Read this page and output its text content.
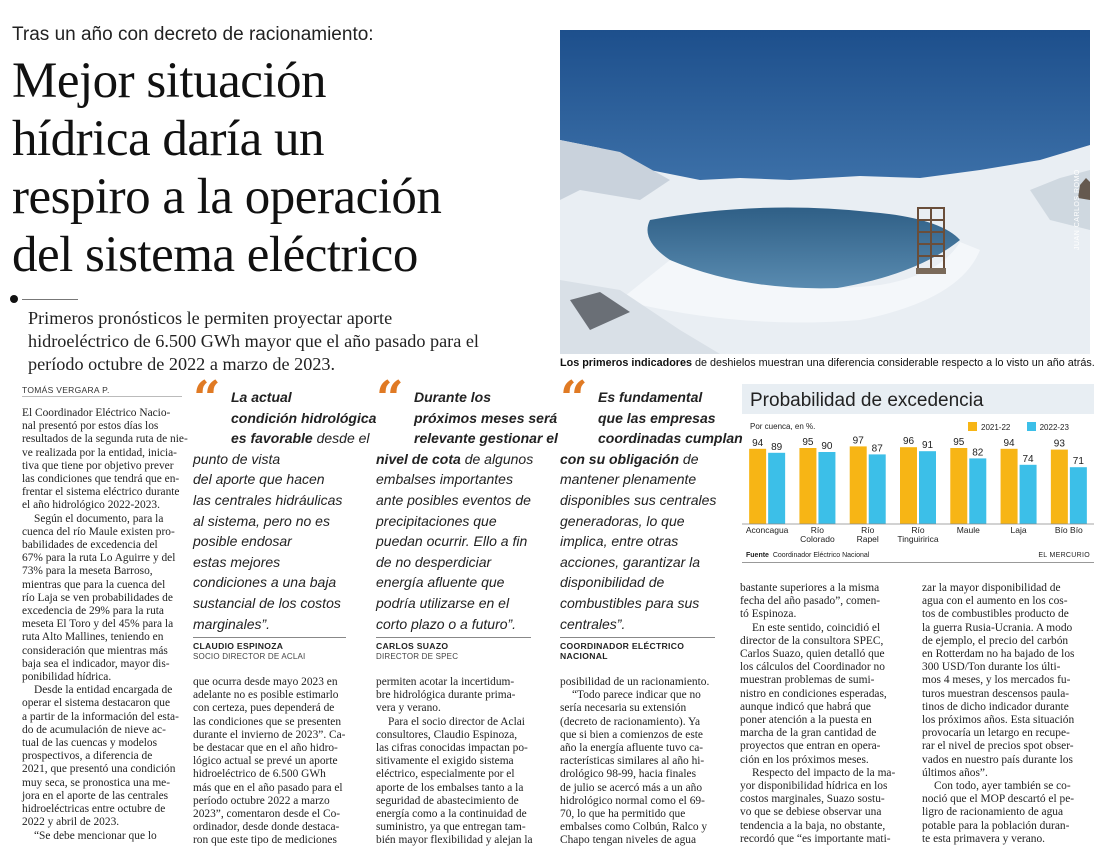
Tras un año con decreto de racionamiento:
Mejor situación
hídrica daría un
respiro a la operación
del sistema eléctrico
Primeros pronósticos le permiten proyectar aporte
hidroeléctrico de 6.500 GWh mayor que el año pasado para el
período octubre de 2022 a marzo de 2023.
JUAN CARLOS ROMO
Los primeros indicadores de deshielos muestran una diferencia considerable respecto a lo visto un año atrás.
TOMÁS VERGARA P.
El Coordinador Eléctrico Nacio-
nal presentó por estos días los
resultados de la segunda ruta de nie-
ve realizada por la entidad, inicia-
tiva que tiene por objetivo prever
las condiciones que tendrá que en-
frentar el sistema eléctrico durante
el año hidrológico 2022-2023.
Según el documento, para la
cuenca del río Maule existen pro-
babilidades de excedencia del
67% para la ruta Lo Aguirre y del
73% para la meseta Barroso,
mientras que para la cuenca del
río Laja se ven probabilidades de
excedencia de 29% para la ruta
meseta El Toro y del 45% para la
ruta Alto Mallines, teniendo en
consideración que mientras más
baja sea el indicador, mayor dis-
ponibilidad hídrica.
Desde la entidad encargada de
operar el sistema destacaron que
a partir de la información del esta-
do de acumulación de nieve ac-
tual de las cuencas y modelos
prospectivos, a diferencia de
2021, que presentó una condición
muy seca, se pronostica una me-
jora en el aporte de las centrales
hidroeléctricas entre octubre de
2022 y abril de 2023.
“Se debe mencionar que lo
que ocurra desde mayo 2023 en
adelante no es posible estimarlo
con certeza, pues dependerá de
las condiciones que se presenten
durante el invierno de 2023”. Ca-
be destacar que en el año hidro-
lógico actual se prevé un aporte
hidroeléctrico de 6.500 GWh
más que en el año pasado para el
período octubre 2022 a marzo
2023”, comentaron desde el Co-
ordinador, desde donde destaca-
ron que este tipo de mediciones
permiten acotar la incertidum-
bre hidrológica durante prima-
vera y verano.
Para el socio director de Aclai
consultores, Claudio Espinoza,
las cifras conocidas impactan po-
sitivamente el exigido sistema
eléctrico, especialmente por el
aporte de los embalses tanto a la
seguridad de abastecimiento de
energía como a la continuidad de
suministro, ya que entregan tam-
bién mayor flexibilidad y alejan la
posibilidad de un racionamiento.
“Todo parece indicar que no
sería necesaria su extensión
(decreto de racionamiento). Ya
que si bien a comienzos de este
año la energía afluente tuvo ca-
racterísticas similares al año hi-
drológico 98-99, hacia finales
de julio se acercó más a un año
hidrológico normal como el 69-
70, lo que ha permitido que
embalses como Colbún, Ralco y
Chapo tengan niveles de agua
bastante superiores a la misma
fecha del año pasado”, comen-
tó Espinoza.
En este sentido, coincidió el
director de la consultora SPEC,
Carlos Suazo, quien detalló que
los cálculos del Coordinador no
muestran problemas de sumi-
nistro en condiciones esperadas,
aunque indicó que habrá que
poner atención a la puesta en
marcha de la gran cantidad de
proyectos que entran en opera-
ción en los próximos meses.
Respecto del impacto de la ma-
yor disponibilidad hídrica en los
costos marginales, Suazo sostu-
vo que se debiese observar una
tendencia a la baja, no obstante,
recordó que “es importante mati-
zar la mayor disponibilidad de
agua con el aumento en los cos-
tos de combustibles producto de
la guerra Rusia-Ucrania. A modo
de ejemplo, el precio del carbón
en Rotterdam no ha bajado de los
300 USD/Ton durante los últi-
mos 4 meses, y los mercados fu-
turos muestran descensos paula-
tinos de dicho indicador durante
los próximos años. Esta situación
provocaría un letargo en recupe-
rar el nivel de precios spot obser-
vados en nuestro país durante los
últimos años”.
Con todo, ayer también se co-
noció que el MOP descartó el pe-
ligro de racionamiento de agua
potable para la población duran-
te esta primavera y verano.
“ La actual
condición hidrológica
es favorable desde el
punto de vista
del aporte que hacen
las centrales hidráulicas
al sistema, pero no es
posible endosar
estas mejores
condiciones a una baja
sustancial de los costos
marginales”.
CLAUDIO ESPINOZA
SOCIO DIRECTOR DE ACLAI
“ Durante los
próximos meses será
relevante gestionar el
nivel de cota de algunos
embalses importantes
ante posibles eventos de
precipitaciones que
puedan ocurrir. Ello a fin
de no desperdiciar
energía afluente que
podría utilizarse en el
corto plazo o a futuro”.
CARLOS SUAZO
DIRECTOR DE SPEC
“ Es fundamental
que las empresas
coordinadas cumplan
con su obligación de
mantener plenamente
disponibles sus centrales
generadoras, lo que
implica, entre otras
acciones, garantizar la
disponibilidad de
combustibles para sus
centrales”.
COORDINADOR ELÉCTRICO NACIONAL
Probabilidad de excedencia
Por cuenca, en %.	2021-22	2022-23
94 89
Aconcagua
95 90
Río
Colorado
97
87
Río
Rapel
96 91
Río
Tinguiririca
95
82
Maule
94
74
Laja
93
71
Bío Bío
Fuente Coordinador Eléctrico Nacional	EL MERCURIO
